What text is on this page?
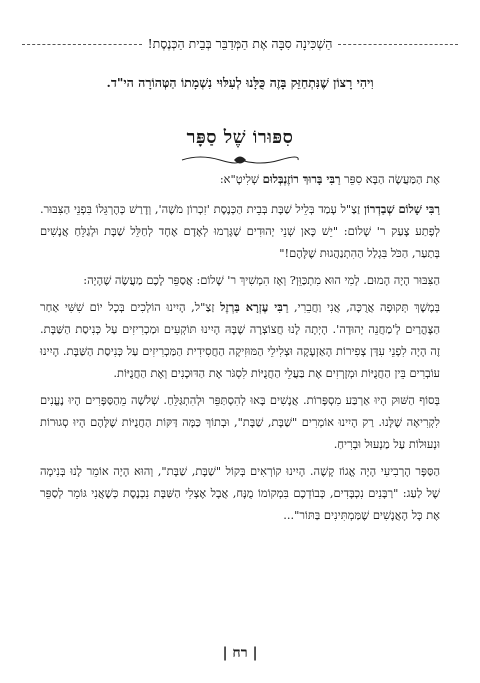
הַשְׁכִּינָה סִבָּה אֶת הַמְּדַבֵּר בְּבֵית הַכְּנֶסֶת!
וִיהִי רָצוֹן שֶׁנִּתְחַזֵּק בָּזֶה כֻּלָּנוּ לְעִלּוּי נִשְׁמָתוֹ הַטְּהוֹרָה הי"ד.
סִפּוּרוֹ שֶׁל סַפָּר

אֶת הַמַּעֲשֶׂה הַבָּא סִפֵּר רַבִּי בָּרוּךְ רוֹזֶנְבְּלוּם שְׁלִיטָ"א:

רַבִּי שָׁלוֹם שְׁבַדְרוֹן זַצַ"ל עָמַד בְּלֵיל שַׁבָּת בְּבֵית הַכְּנֶסֶת 'זִכְרוֹן מֹשֶׁה', וְדָרַשׁ כְּהֶרְגֵּלוֹ בִּפְנֵי הַצִּבּוּר. לְפֶתַע צָעַק ר' שָׁלוֹם: "יֵשׁ כָּאן שְׁנֵי יְהוּדִים שֶׁגָּרְמוּ לְאָדָם אֶחָד לְחַלֵּל שַׁבָּת וּלְגַלֵּחַ אֲנָשִׁים בְּתַעַר, הַכֹּל בִּגְלַל הַהִתְנַהֲגוּת שֶׁלָּהֶם!"

הַצִּבּוּר הָיָה הָמוּם. לְמִי הוּא מִתְכַּוֵּן? וְאָז הִמְשִׁיךְ ר' שָׁלוֹם: אֲסַפֵּר לָכֶם מַעֲשֶׂה שֶׁהָיָה:

בְּמֶשֶׁךְ תְּקוּפָה אֲרֻכָּה, אֲנִי וַחֲבֵרִי, רַבִּי עֶזְרָא בַּרְזֶל זַצַ"ל, הָיִינוּ הוֹלְכִים בְּכָל יוֹם שִׁשִּׁי אַחַר הַצָּהֳרַיִם לְ'מַחֲנֵה יְהוּדָה'. הָיְתָה לָנוּ חֲצוֹצְרָה שֶׁבָּהּ הָיִינוּ תּוֹקְעִים וּמַכְרִיזִים עַל כְּנִיסַת הַשַּׁבָּת. זֶה הָיָה לִפְנֵי עִדַּן צְפִירוֹת הָאַזְעָקָה וּצְלִילֵי הַמּוּזִיקָה הַחֲסִידִית הַמַּכְרִיזִים עַל כְּנִיסַת הַשַּׁבָּת. הָיִינוּ עוֹבְרִים בֵּין הַחֲנֻיּוֹת וּמְזָרְזִים אֶת בַּעֲלֵי הַחֲנֻיּוֹת לִסְגֹּר אֶת הַדּוּכָנִים וְאֶת הַחֲנֻיּוֹת.

בְּסוֹף הַשּׁוּק הָיוּ אַרְבַּע מִסְפָּרוֹת. אֲנָשִׁים בָּאוּ לְהִסְתַּפֵּר וּלְהִתְגַּלֵּחַ. שְׁלֹשָׁה מֵהַסַּפָּרִים הָיוּ נֶעֱנִים לִקְרִיאָה שֶׁלָּנוּ. רַק הָיִינוּ אוֹמְרִים "שַׁבָּת, שַׁבָּת", וּבְתוֹךְ כַּמָּה דַּקּוֹת הַחֲנֻיּוֹת שֶׁלָּהֶם הָיוּ סְגוּרוֹת וּנְעוּלוֹת עַל מַנְעוּל וּבְרִיחַ.

הַסַּפָּר הָרְבִיעִי הָיָה אֱגוֹז קָשֶׁה. הָיִינוּ קוֹרְאִים בְּקוֹל "שַׁבָּת, שַׁבָּת", וְהוּא הָיָה אוֹמֵר לָנוּ בְּנִימָה שֶׁל לַעַג: "רַבָּנִים נִכְבָּדִים, כְּבוֹדְכֶם בִּמְקוֹמוֹ מֻנָּח, אֲבָל אֶצְלִי הַשַּׁבָּת נִכְנֶסֶת כְּשֶׁאֲנִי גּוֹמֵר לְסַפֵּר אֶת כָּל הָאֲנָשִׁים שֶׁמַּמְתִּינִים בַּתּוֹר"...

| רח |
